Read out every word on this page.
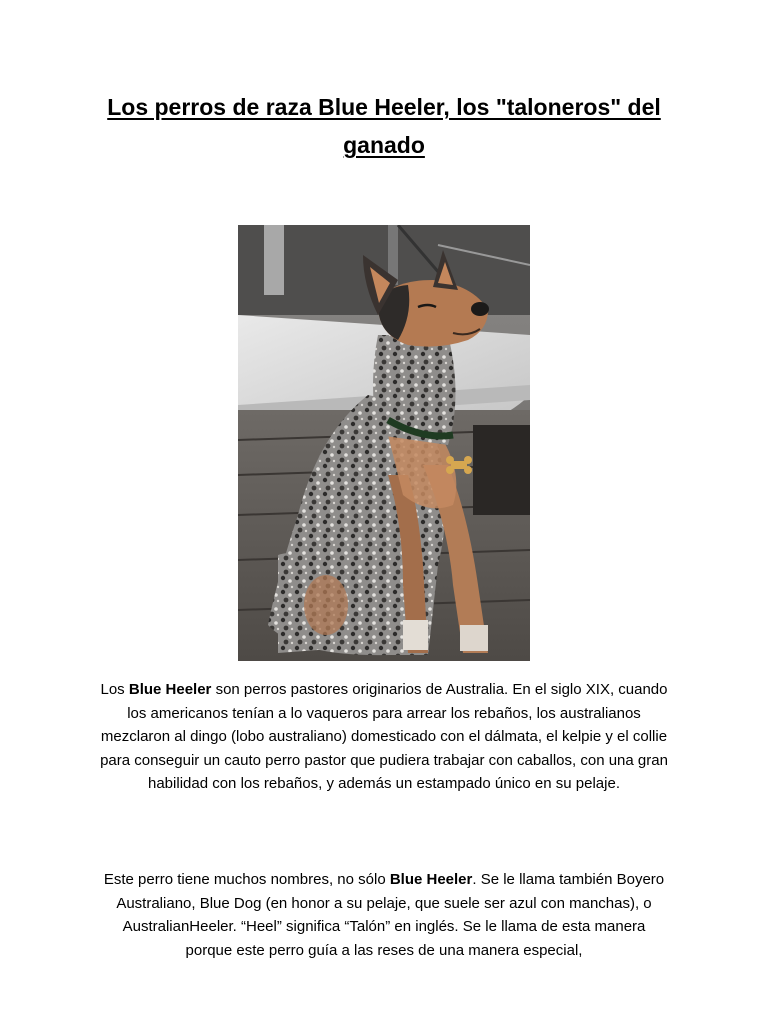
Los perros de raza Blue Heeler, los "taloneros" del ganado
Los Blue Heeler son perros pastores originarios de Australia. En el siglo XIX, cuando los americanos tenían a lo vaqueros para arrear los rebaños, los australianos mezclaron al dingo (lobo australiano) domesticado con el dálmata, el kelpie y el collie para conseguir un cauto perro pastor que pudiera trabajar con caballos, con una gran habilidad con los rebaños, y además un estampado único en su pelaje.
Este perro tiene muchos nombres, no sólo Blue Heeler. Se le llama también Boyero Australiano, Blue Dog (en honor a su pelaje, que suele ser azul con manchas), o AustralianHeeler. “Heel” significa “Talón” en inglés. Se le llama de esta manera porque este perro guía a las reses de una manera especial,
